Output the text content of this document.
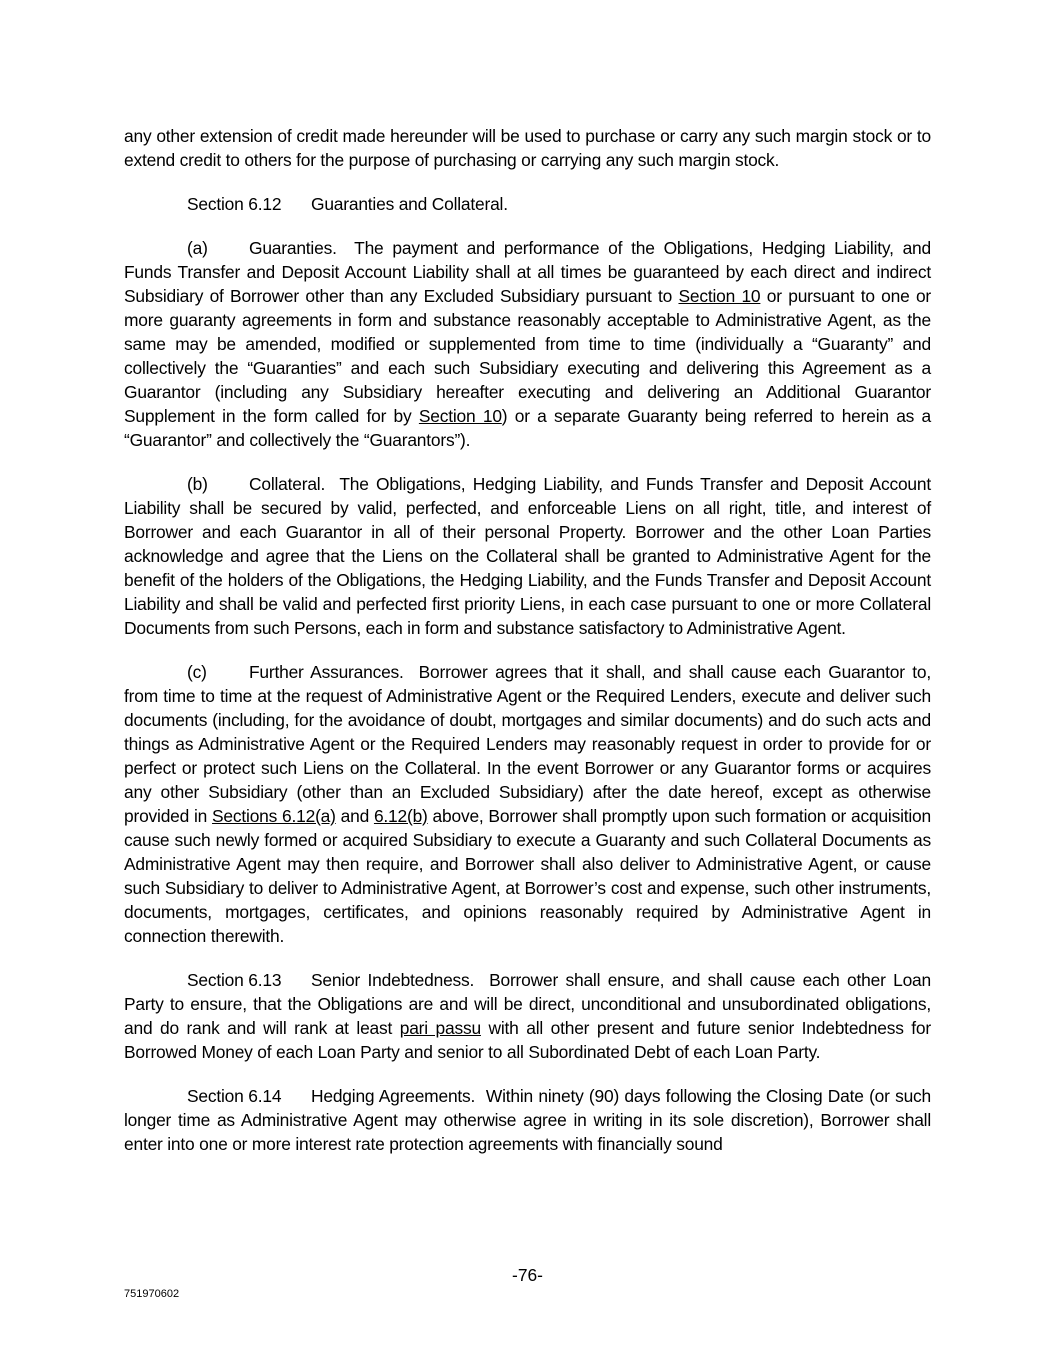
any other extension of credit made hereunder will be used to purchase or carry any such margin stock or to extend credit to others for the purpose of purchasing or carrying any such margin stock.

Section 6.12 Guaranties and Collateral.

(a) Guaranties. The payment and performance of the Obligations, Hedging Liability, and Funds Transfer and Deposit Account Liability shall at all times be guaranteed by each direct and indirect Subsidiary of Borrower other than any Excluded Subsidiary pursuant to Section 10 or pursuant to one or more guaranty agreements in form and substance reasonably acceptable to Administrative Agent, as the same may be amended, modified or supplemented from time to time (individually a “Guaranty” and collectively the “Guaranties” and each such Subsidiary executing and delivering this Agreement as a Guarantor (including any Subsidiary hereafter executing and delivering an Additional Guarantor Supplement in the form called for by Section 10) or a separate Guaranty being referred to herein as a “Guarantor” and collectively the “Guarantors”).

(b) Collateral. The Obligations, Hedging Liability, and Funds Transfer and Deposit Account Liability shall be secured by valid, perfected, and enforceable Liens on all right, title, and interest of Borrower and each Guarantor in all of their personal Property. Borrower and the other Loan Parties acknowledge and agree that the Liens on the Collateral shall be granted to Administrative Agent for the benefit of the holders of the Obligations, the Hedging Liability, and the Funds Transfer and Deposit Account Liability and shall be valid and perfected first priority Liens, in each case pursuant to one or more Collateral Documents from such Persons, each in form and substance satisfactory to Administrative Agent.

(c) Further Assurances. Borrower agrees that it shall, and shall cause each Guarantor to, from time to time at the request of Administrative Agent or the Required Lenders, execute and deliver such documents (including, for the avoidance of doubt, mortgages and similar documents) and do such acts and things as Administrative Agent or the Required Lenders may reasonably request in order to provide for or perfect or protect such Liens on the Collateral. In the event Borrower or any Guarantor forms or acquires any other Subsidiary (other than an Excluded Subsidiary) after the date hereof, except as otherwise provided in Sections 6.12(a) and 6.12(b) above, Borrower shall promptly upon such formation or acquisition cause such newly formed or acquired Subsidiary to execute a Guaranty and such Collateral Documents as Administrative Agent may then require, and Borrower shall also deliver to Administrative Agent, or cause such Subsidiary to deliver to Administrative Agent, at Borrower’s cost and expense, such other instruments, documents, mortgages, certificates, and opinions reasonably required by Administrative Agent in connection therewith.

Section 6.13 Senior Indebtedness. Borrower shall ensure, and shall cause each other Loan Party to ensure, that the Obligations are and will be direct, unconditional and unsubordinated obligations, and do rank and will rank at least pari passu with all other present and future senior Indebtedness for Borrowed Money of each Loan Party and senior to all Subordinated Debt of each Loan Party.

Section 6.14 Hedging Agreements. Within ninety (90) days following the Closing Date (or such longer time as Administrative Agent may otherwise agree in writing in its sole discretion), Borrower shall enter into one or more interest rate protection agreements with financially sound

-76-
751970602
